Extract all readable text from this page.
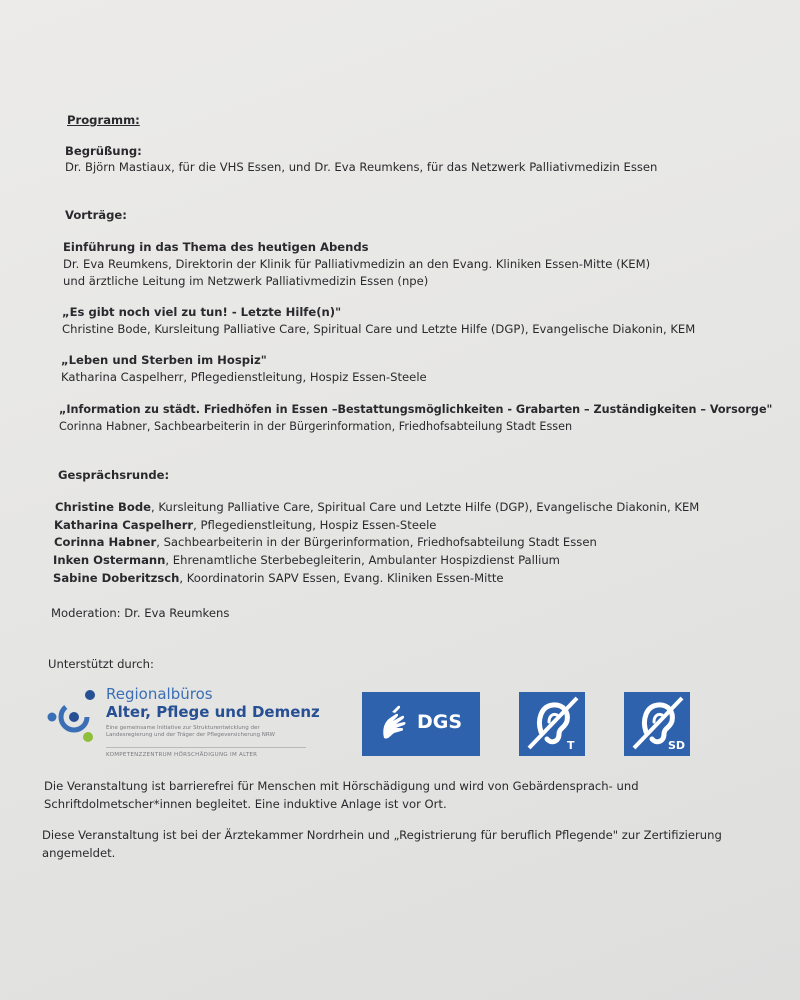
Programm:
Begrüßung:
Dr. Björn Mastiaux, für die VHS Essen, und Dr. Eva Reumkens, für das Netzwerk Palliativmedizin Essen
Vorträge:
Einführung in das Thema des heutigen Abends
Dr. Eva Reumkens, Direktorin der Klinik für Palliativmedizin an den Evang. Kliniken Essen-Mitte (KEM)
und ärztliche Leitung im Netzwerk Palliativmedizin Essen (npe)
„Es gibt noch viel zu tun! - Letzte Hilfe(n)"
Christine Bode, Kursleitung Palliative Care, Spiritual Care und Letzte Hilfe (DGP), Evangelische Diakonin, KEM
„Leben und Sterben im Hospiz"
Katharina Caspelherr, Pflegedienstleitung, Hospiz Essen-Steele
„Information zu städt. Friedhöfen in Essen –Bestattungsmöglichkeiten - Grabarten – Zuständigkeiten – Vorsorge"
Corinna Habner, Sachbearbeiterin in der Bürgerinformation, Friedhofsabteilung Stadt Essen
Gesprächsrunde:
Christine Bode, Kursleitung Palliative Care, Spiritual Care und Letzte Hilfe (DGP), Evangelische Diakonin, KEM
Katharina Caspelherr, Pflegedienstleitung, Hospiz Essen-Steele
Corinna Habner, Sachbearbeiterin in der Bürgerinformation, Friedhofsabteilung Stadt Essen
Inken Ostermann, Ehrenamtliche Sterbebegleiterin, Ambulanter Hospizdienst Pallium
Sabine Doberitzsch, Koordinatorin SAPV Essen, Evang. Kliniken Essen-Mitte
Moderation: Dr. Eva Reumkens
Unterstützt durch:
Regionalbüros
Alter, Pflege und Demenz
Eine gemeinsame Initiative zur Strukturentwicklung der
Landesregierung und der Träger der Pflegeversicherung NRW
KOMPETENZZENTRUM HÖRSCHÄDIGUNG IM ALTER
DGS
T	SD
Die Veranstaltung ist barrierefrei für Menschen mit Hörschädigung und wird von Gebärdensprach- und
Schriftdolmetscher*innen begleitet. Eine induktive Anlage ist vor Ort.
Diese Veranstaltung ist bei der Ärztekammer Nordrhein und „Registrierung für beruflich Pflegende" zur Zertifizierung
angemeldet.
